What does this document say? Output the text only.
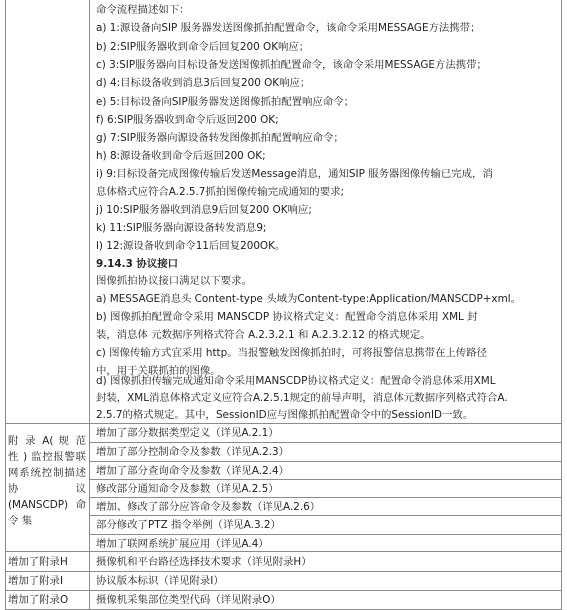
命令流程描述如下：
a) 1:源设备向SIP 服务器发送图像抓拍配置命令，该命令采用MESSAGE方法携带；
b) 2:SIP服务器收到命令后回复200 OK响应；
c) 3:SIP服务器向目标设备发送图像抓拍配置命令，该命令采用MESSAGE方法携带；
d) 4:目标设备收到消息3后回复200 OK响应；
e) 5:目标设备向SIP服务器发送图像抓拍配置响应命令；
f) 6:SIP服务器收到命令后返回200 OK;
g) 7:SIP服务器向源设备转发图像抓拍配置响应命令；
h) 8:源设备收到命令后返回200 OK;
i) 9:目标设备完成图像传输后发送Message消息，通知SIP 服务器图像传输已完成，消
息体格式应符合A.2.5.7抓拍图像传输完成通知的要求;
j) 10:SIP服务器收到消息9后回复200 OK响应;
k) 11:SIP服务器向源设备转发消息9;
l) 12:源设备收到命令11后回复200OK。
9.14.3 协议接口
图像抓拍协议接口满足以下要求。
a) MESSAGE消息头 Content-type 头域为Content-type:Application/MANSCDP+xml。
b) 图像抓拍配置命令采用 MANSCDP 协议格式定义：配置命令消息体采用 XML 封
装，消息体 元数据序列格式符合 A.2.3.2.1 和 A.2.3.2.12 的格式规定。
c) 图像传输方式宜采用 http。当报警触发图像抓拍时，可将报警信息携带在上传路径
中，用于关联抓拍的图像。
d) 图像抓拍传输完成通知命令采用MANSCDP协议格式定义：配置命令消息体采用XML
封装，XML消息体格式定义应符合A.2.5.1规定的前导声明，消息体元数据序列格式符合A.
2.5.7的格式规定。其中，SessionID应与图像抓拍配置命令中的SessionID一致。
附 录 A( 规 范 性 ) 监控报警联网系统控制描述协议(MANSCDP) 命 令 集
增加了部分数据类型定义（详见A.2.1）
增加了部分控制命令及参数（详见A.2.3）
增加了部分查询命令及参数（详见A.2.4）
修改部分通知命令及参数（详见A.2.5）
增加、修改了部分应答命令及参数（详见A.2.6）
部分修改了PTZ 指令举例（详见A.3.2）
增加了联网系统扩展应用（详见A.4）
增加了附录H	摄像机和平台路径选择技术要求（详见附录H）
增加了附录I	协议版本标识（详见附录I）
增加了附录O	摄像机采集部位类型代码（详见附录O）
